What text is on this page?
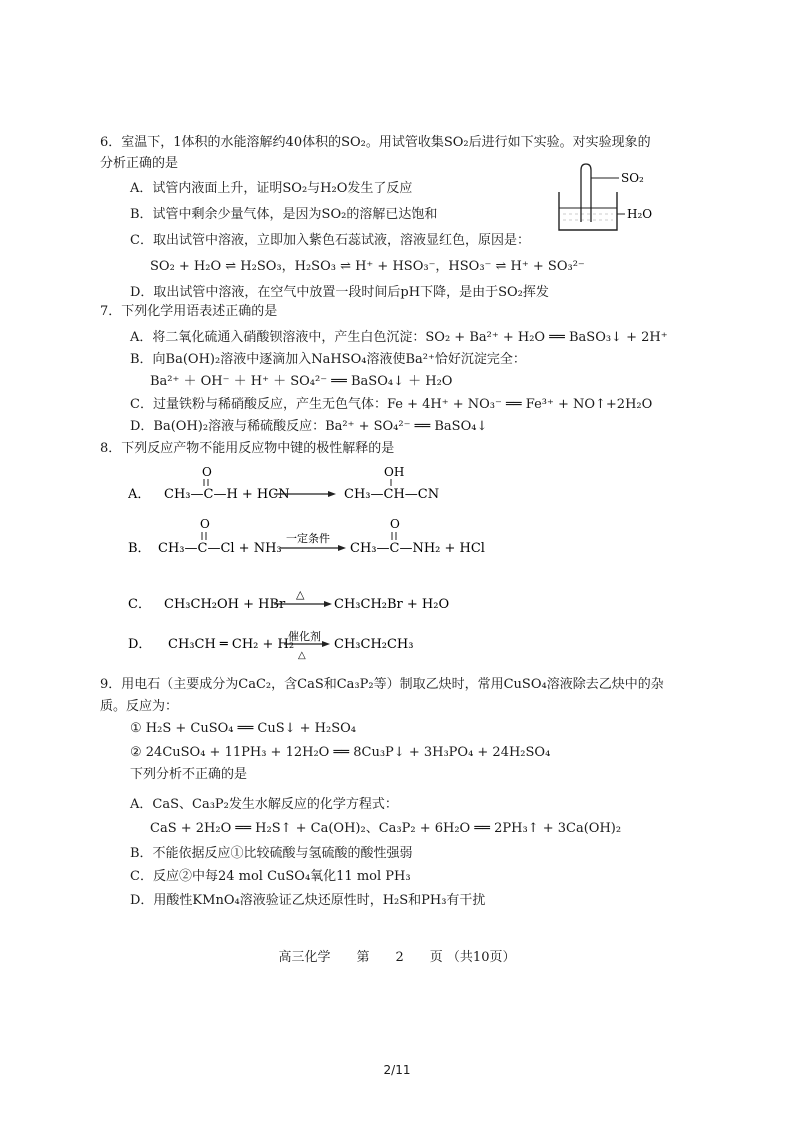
6．室温下，1体积的水能溶解约40体积的SO₂。用试管收集SO₂后进行如下实验。对实验现象的
分析正确的是
A．试管内液面上升，证明SO₂与H₂O发生了反应
B．试管中剩余少量气体，是因为SO₂的溶解已达饱和
C．取出试管中溶液，立即加入紫色石蕊试液，溶液显红色，原因是：
SO₂ + H₂O ⇌ H₂SO₃，H₂SO₃ ⇌ H⁺ + HSO₃⁻，HSO₃⁻ ⇌ H⁺ + SO₃²⁻
D．取出试管中溶液，在空气中放置一段时间后pH下降，是由于SO₂挥发
SO₂
H₂O
7．下列化学用语表述正确的是
A．将二氧化硫通入硝酸钡溶液中，产生白色沉淀：SO₂ + Ba²⁺ + H₂O ══ BaSO₃↓ + 2H⁺
B．向Ba(OH)₂溶液中逐滴加入NaHSO₄溶液使Ba²⁺恰好沉淀完全：
Ba²⁺ ＋ OH⁻ ＋ H⁺ ＋ SO₄²⁻ ══ BaSO₄↓ ＋ H₂O
C．过量铁粉与稀硝酸反应，产生无色气体：Fe + 4H⁺ + NO₃⁻ ══ Fe³⁺ + NO↑+2H₂O
D．Ba(OH)₂溶液与稀硫酸反应：Ba²⁺ + SO₄²⁻ ══ BaSO₄↓
8．下列反应产物不能用反应物中键的极性解释的是
A． CH₃—C—H + HCN
O
CH₃—CH—CN
OH
B． CH₃—C—Cl + NH₃
O
一定条件
CH₃—C—NH₂ + HCl
O
C． CH₃CH₂OH + HBr
△
CH₃CH₂Br + H₂O
D． CH₃CH ═ CH₂ + H₂
催化剂
△
CH₃CH₂CH₃
9．用电石（主要成分为CaC₂，含CaS和Ca₃P₂等）制取乙炔时，常用CuSO₄溶液除去乙炔中的杂
质。反应为：
① H₂S + CuSO₄ ══ CuS↓ + H₂SO₄
② 24CuSO₄ + 11PH₃ + 12H₂O ══ 8Cu₃P↓ + 3H₃PO₄ + 24H₂SO₄
下列分析不正确的是
A．CaS、Ca₃P₂发生水解反应的化学方程式：
CaS + 2H₂O ══ H₂S↑ + Ca(OH)₂、Ca₃P₂ + 6H₂O ══ 2PH₃↑ + 3Ca(OH)₂
B．不能依据反应①比较硫酸与氢硫酸的酸性强弱
C．反应②中每24 mol CuSO₄氧化11 mol PH₃
D．用酸性KMnO₄溶液验证乙炔还原性时，H₂S和PH₃有干扰
高三化学　　第　　2　　页 （共10页）
2/11
